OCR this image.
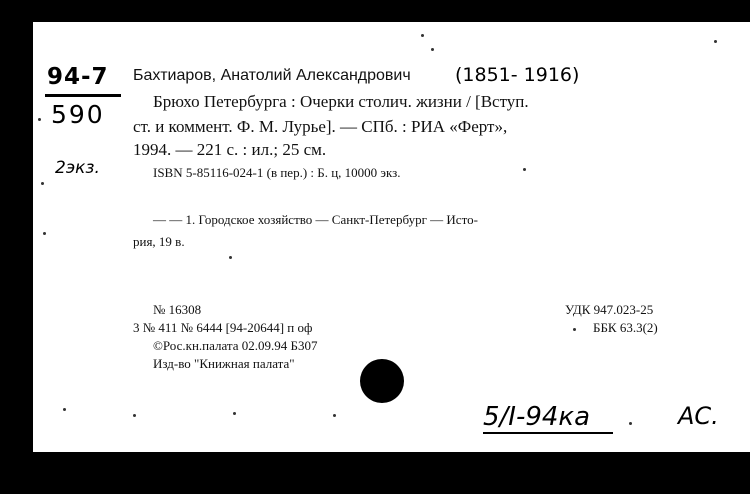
94-7
590
2экз.
Бахтиаров, Анатолий Александрович (1851- 1916)
Брюхо Петербурга : Очерки столич. жизни / [Вступ.
ст. и коммент. Ф. М. Лурье]. — СПб. : РИА «Ферт»,
1994. — 221 с. : ил.; 25 см.
ISBN 5-85116-024-1 (в пер.) : Б. ц, 10000 экз.
— — 1. Городское хозяйство — Санкт-Петербург — Исто-
рия, 19 в.
№ 16308
3 № 411 № 6444 [94-20644] п оф
©Рос.кн.палата 02.09.94 Б307
Изд-во "Книжная палата"
УДК 947.023-25
ББК 63.3(2)
5/I-94ка	АС.
